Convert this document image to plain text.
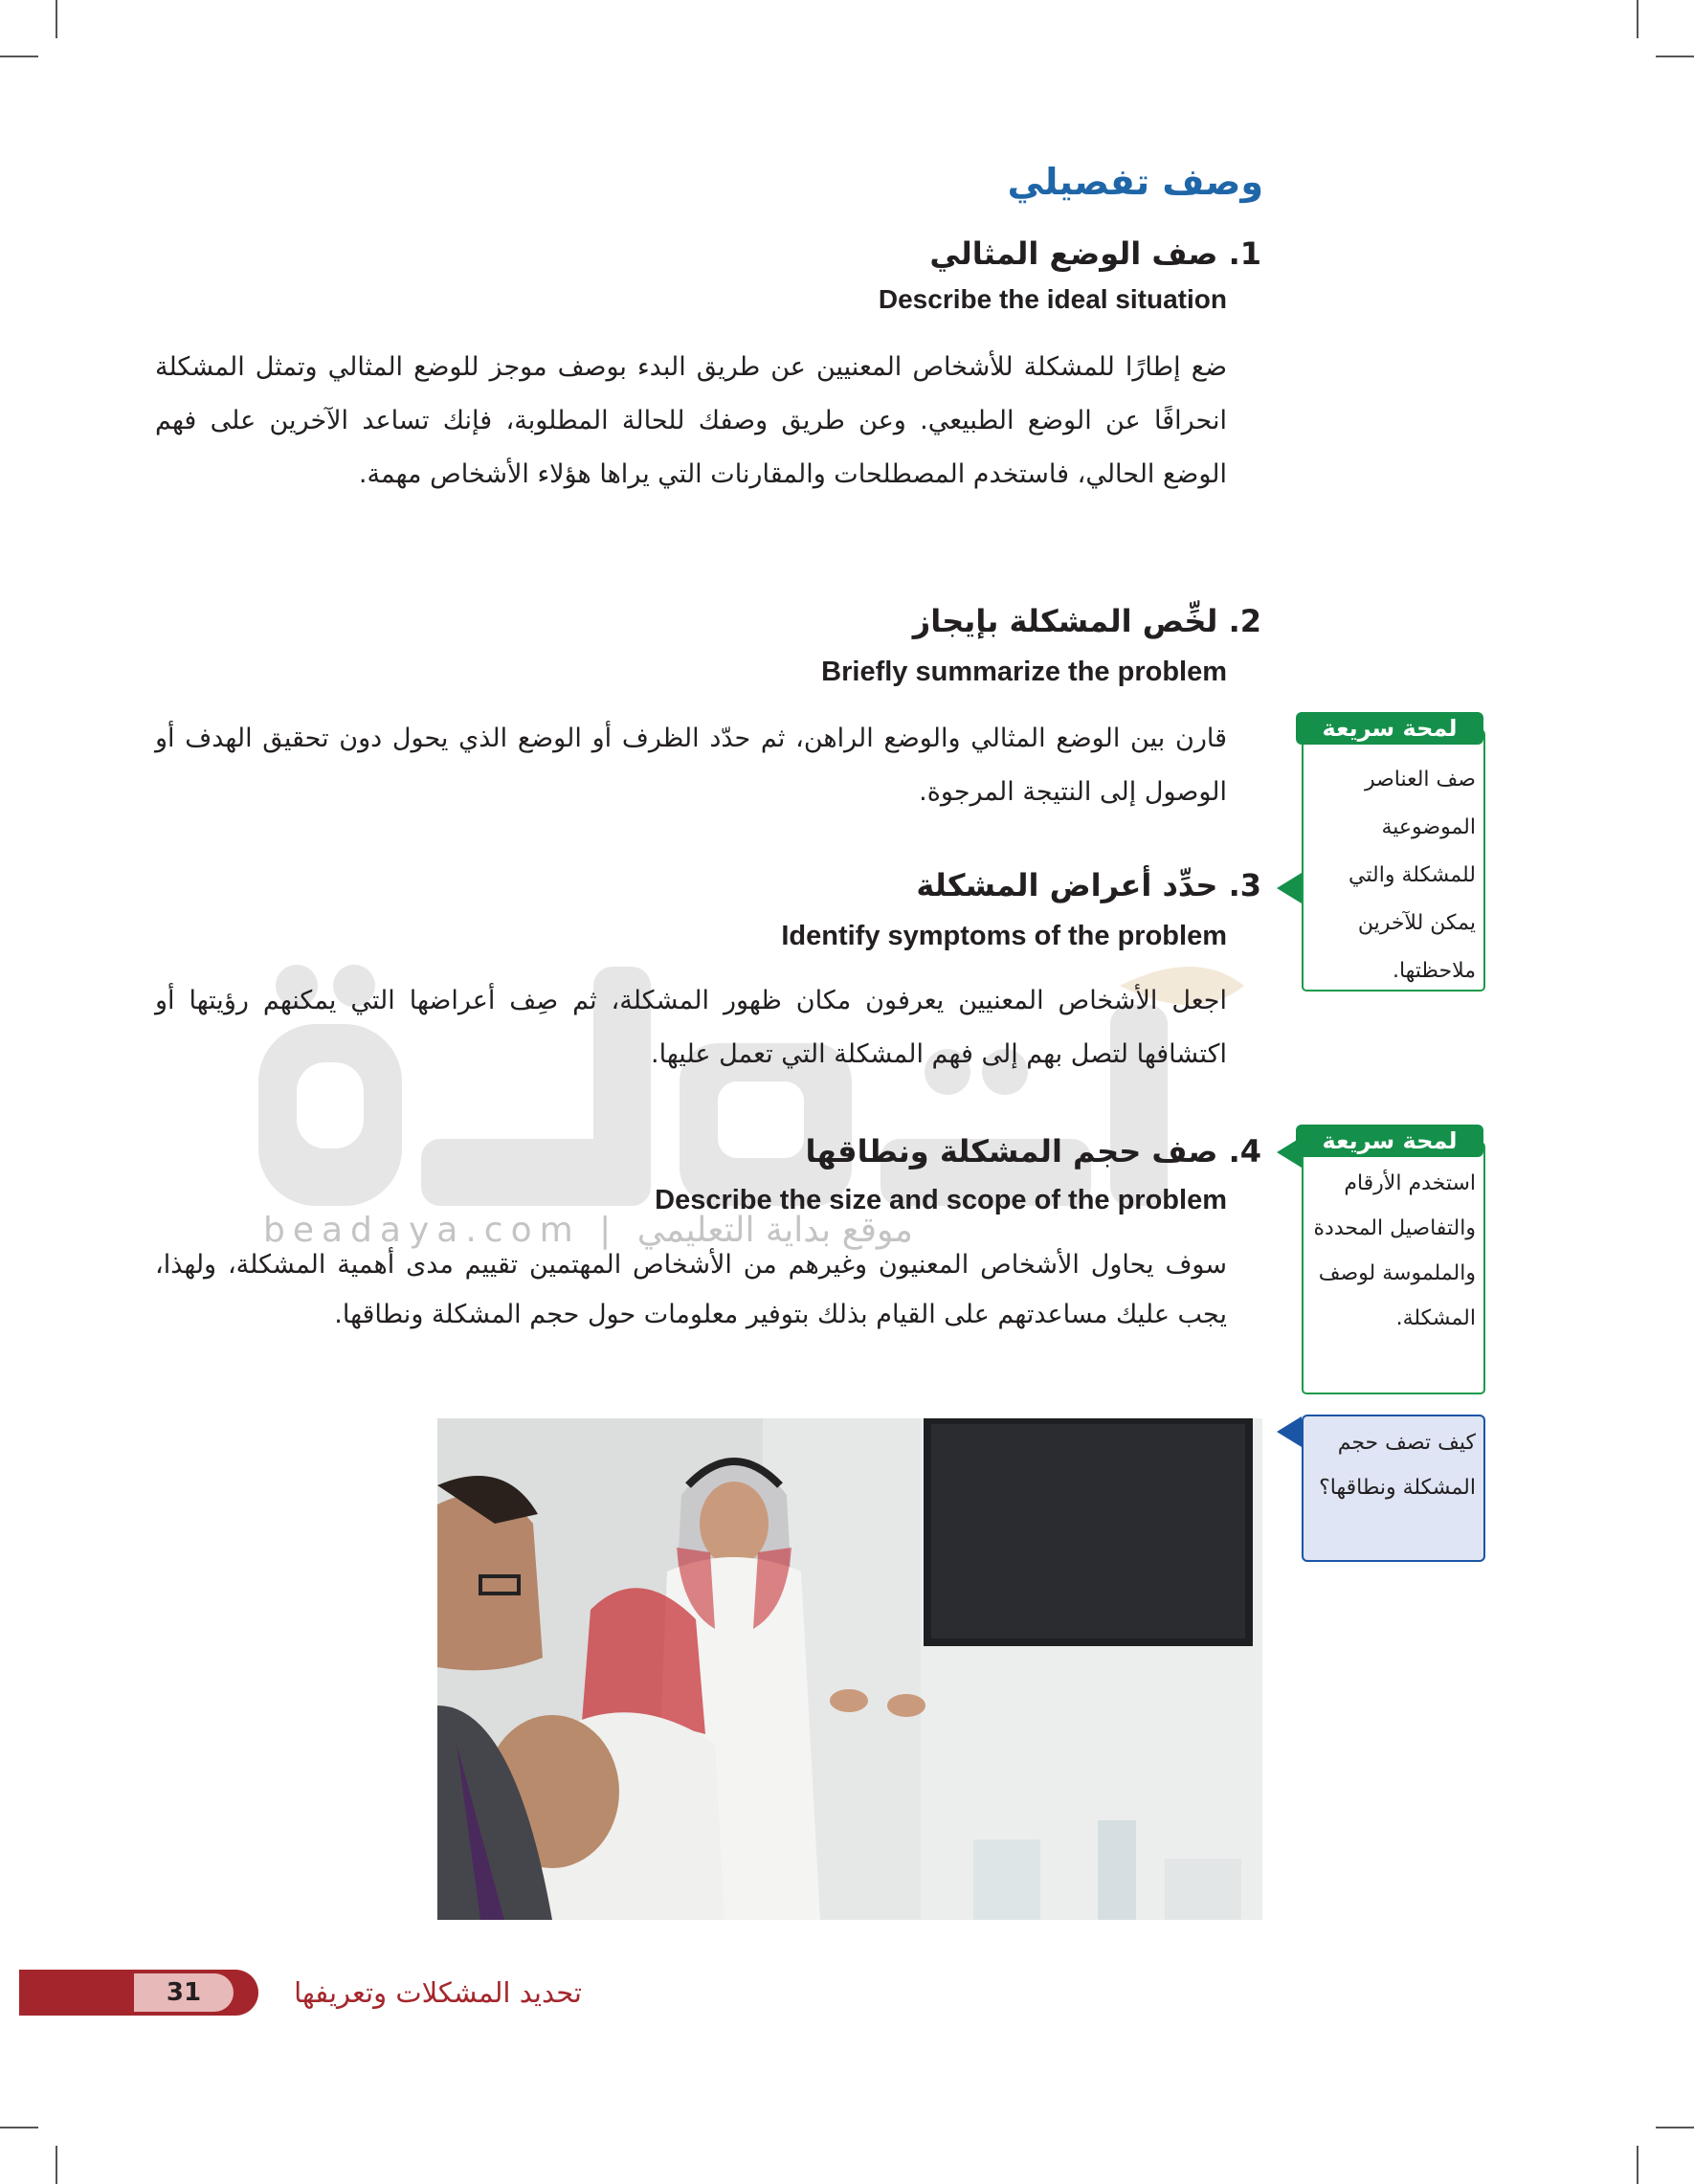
beadaya.com | موقع بداية التعليمي
وصف تفصيلي
1. صف الوضع المثالي
Describe the ideal situation
ضع إطارًا للمشكلة للأشخاص المعنيين عن طريق البدء بوصف موجز للوضع المثالي وتمثل المشكلة انحرافًا عن الوضع الطبيعي. وعن طريق وصفك للحالة المطلوبة، فإنك تساعد الآخرين على فهم الوضع الحالي، فاستخدم المصطلحات والمقارنات التي يراها هؤلاء الأشخاص مهمة.
2. لخِّص المشكلة بإيجاز
Briefly summarize the problem
قارن بين الوضع المثالي والوضع الراهن، ثم حدّد الظرف أو الوضع الذي يحول دون تحقيق الهدف أو الوصول إلى النتيجة المرجوة.
3. حدِّد أعراض المشكلة
Identify symptoms of the problem
اجعل الأشخاص المعنيين يعرفون مكان ظهور المشكلة، ثم صِف أعراضها التي يمكنهم رؤيتها أو اكتشافها لتصل بهم إلى فهم المشكلة التي تعمل عليها.
4. صف حجم المشكلة ونطاقها
Describe the size and scope of the problem
سوف يحاول الأشخاص المعنيون وغيرهم من الأشخاص المهتمين تقييم مدى أهمية المشكلة، ولهذا، يجب عليك مساعدتهم على القيام بذلك بتوفير معلومات حول حجم المشكلة ونطاقها.
لمحة سريعة
صف العناصر الموضوعية للمشكلة والتي يمكن للآخرين ملاحظتها.
لمحة سريعة
استخدم الأرقام والتفاصيل المحددة والملموسة لوصف المشكلة.
كيف تصف حجم المشكلة ونطاقها؟
31	تحديد المشكلات وتعريفها
